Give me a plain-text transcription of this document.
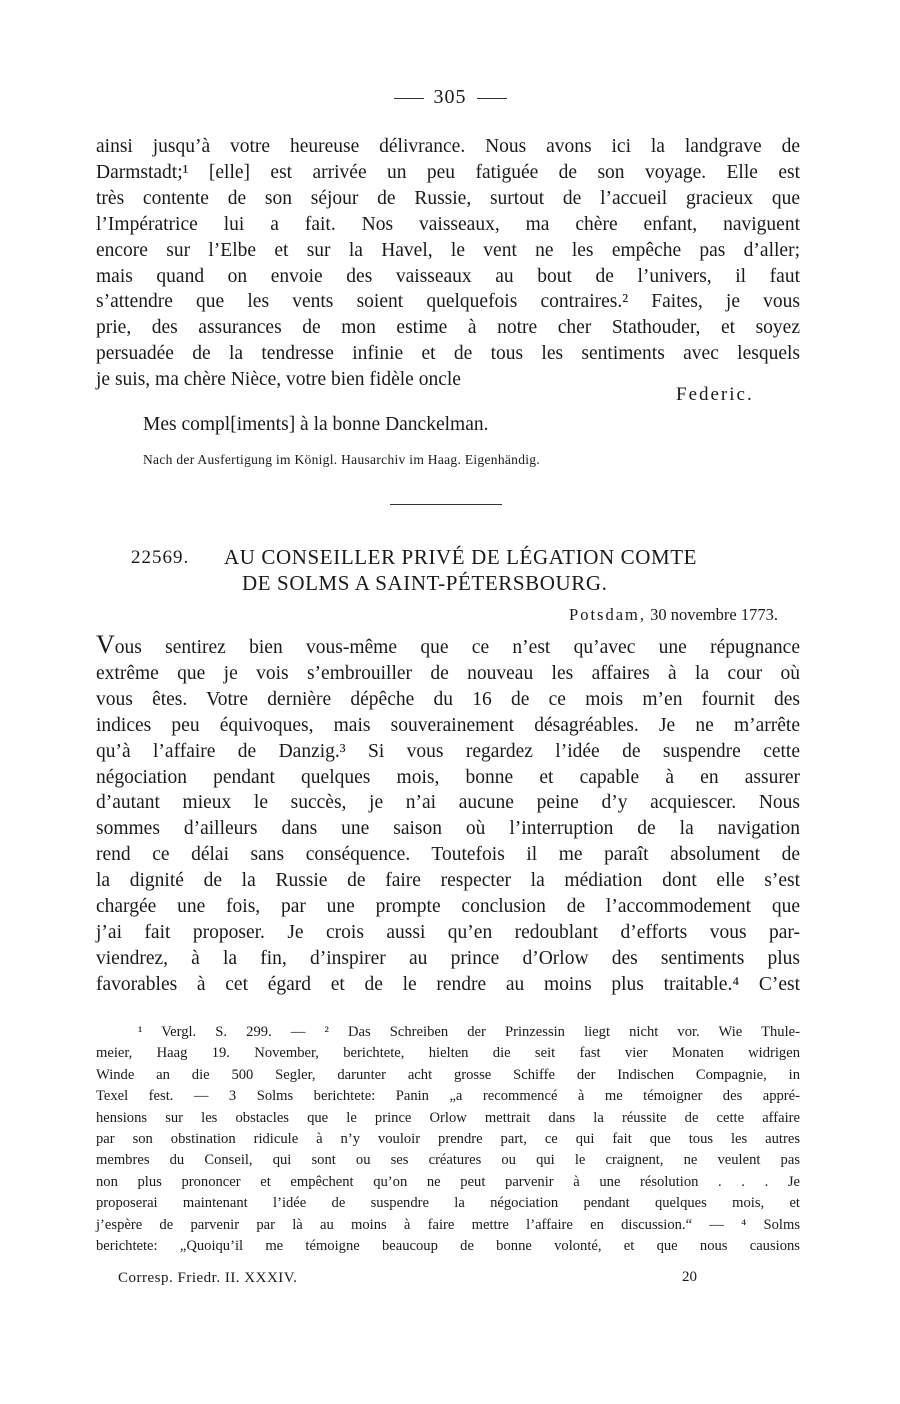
305
ainsi jusqu’à votre heureuse délivrance. Nous avons ici la landgrave de
Darmstadt;¹ [elle] est arrivée un peu fatiguée de son voyage. Elle est
très contente de son séjour de Russie, surtout de l’accueil gracieux que
l’Impératrice lui a fait. Nos vaisseaux, ma chère enfant, naviguent
encore sur l’Elbe et sur la Havel, le vent ne les empêche pas d’aller;
mais quand on envoie des vaisseaux au bout de l’univers, il faut
s’attendre que les vents soient quelquefois contraires.² Faites, je vous
prie, des assurances de mon estime à notre cher Stathouder, et soyez
persuadée de la tendresse infinie et de tous les sentiments avec lesquels
je suis, ma chère Nièce, votre bien fidèle oncle
Federic.
Mes compl[iments] à la bonne Danckelman.
Nach der Ausfertigung im Königl. Hausarchiv im Haag. Eigenhändig.
22569. AU CONSEILLER PRIVÉ DE LÉGATION COMTE
DE SOLMS A SAINT-PÉTERSBOURG.
Potsdam, 30 novembre 1773.
Vous sentirez bien vous-même que ce n’est qu’avec une répugnance
extrême que je vois s’embrouiller de nouveau les affaires à la cour où
vous êtes. Votre dernière dépêche du 16 de ce mois m’en fournit des
indices peu équivoques, mais souverainement désagréables. Je ne m’arrête
qu’à l’affaire de Danzig.³ Si vous regardez l’idée de suspendre cette
négociation pendant quelques mois, bonne et capable à en assurer
d’autant mieux le succès, je n’ai aucune peine d’y acquiescer. Nous
sommes d’ailleurs dans une saison où l’interruption de la navigation
rend ce délai sans conséquence. Toutefois il me paraît absolument de
la dignité de la Russie de faire respecter la médiation dont elle s’est
chargée une fois, par une prompte conclusion de l’accommodement que
j’ai fait proposer. Je crois aussi qu’en redoublant d’efforts vous par-
viendrez, à la fin, d’inspirer au prince d’Orlow des sentiments plus
favorables à cet égard et de le rendre au moins plus traitable.⁴ C’est
¹ Vergl. S. 299. — ² Das Schreiben der Prinzessin liegt nicht vor. Wie Thule-
meier, Haag 19. November, berichtete, hielten die seit fast vier Monaten widrigen
Winde an die 500 Segler, darunter acht grosse Schiffe der Indischen Compagnie, in
Texel fest. — 3 Solms berichtete: Panin „a recommencé à me témoigner des appré-
hensions sur les obstacles que le prince Orlow mettrait dans la réussite de cette affaire
par son obstination ridicule à n’y vouloir prendre part, ce qui fait que tous les autres
membres du Conseil, qui sont ou ses créatures ou qui le craignent, ne veulent pas
non plus prononcer et empêchent qu’on ne peut parvenir à une résolution . . . Je
proposerai maintenant l’idée de suspendre la négociation pendant quelques mois, et
j’espère de parvenir par là au moins à faire mettre l’affaire en discussion.“ — ⁴ Solms
berichtete: „Quoiqu’il me témoigne beaucoup de bonne volonté, et que nous causions
Corresp. Friedr. II. XXXIV.	20
